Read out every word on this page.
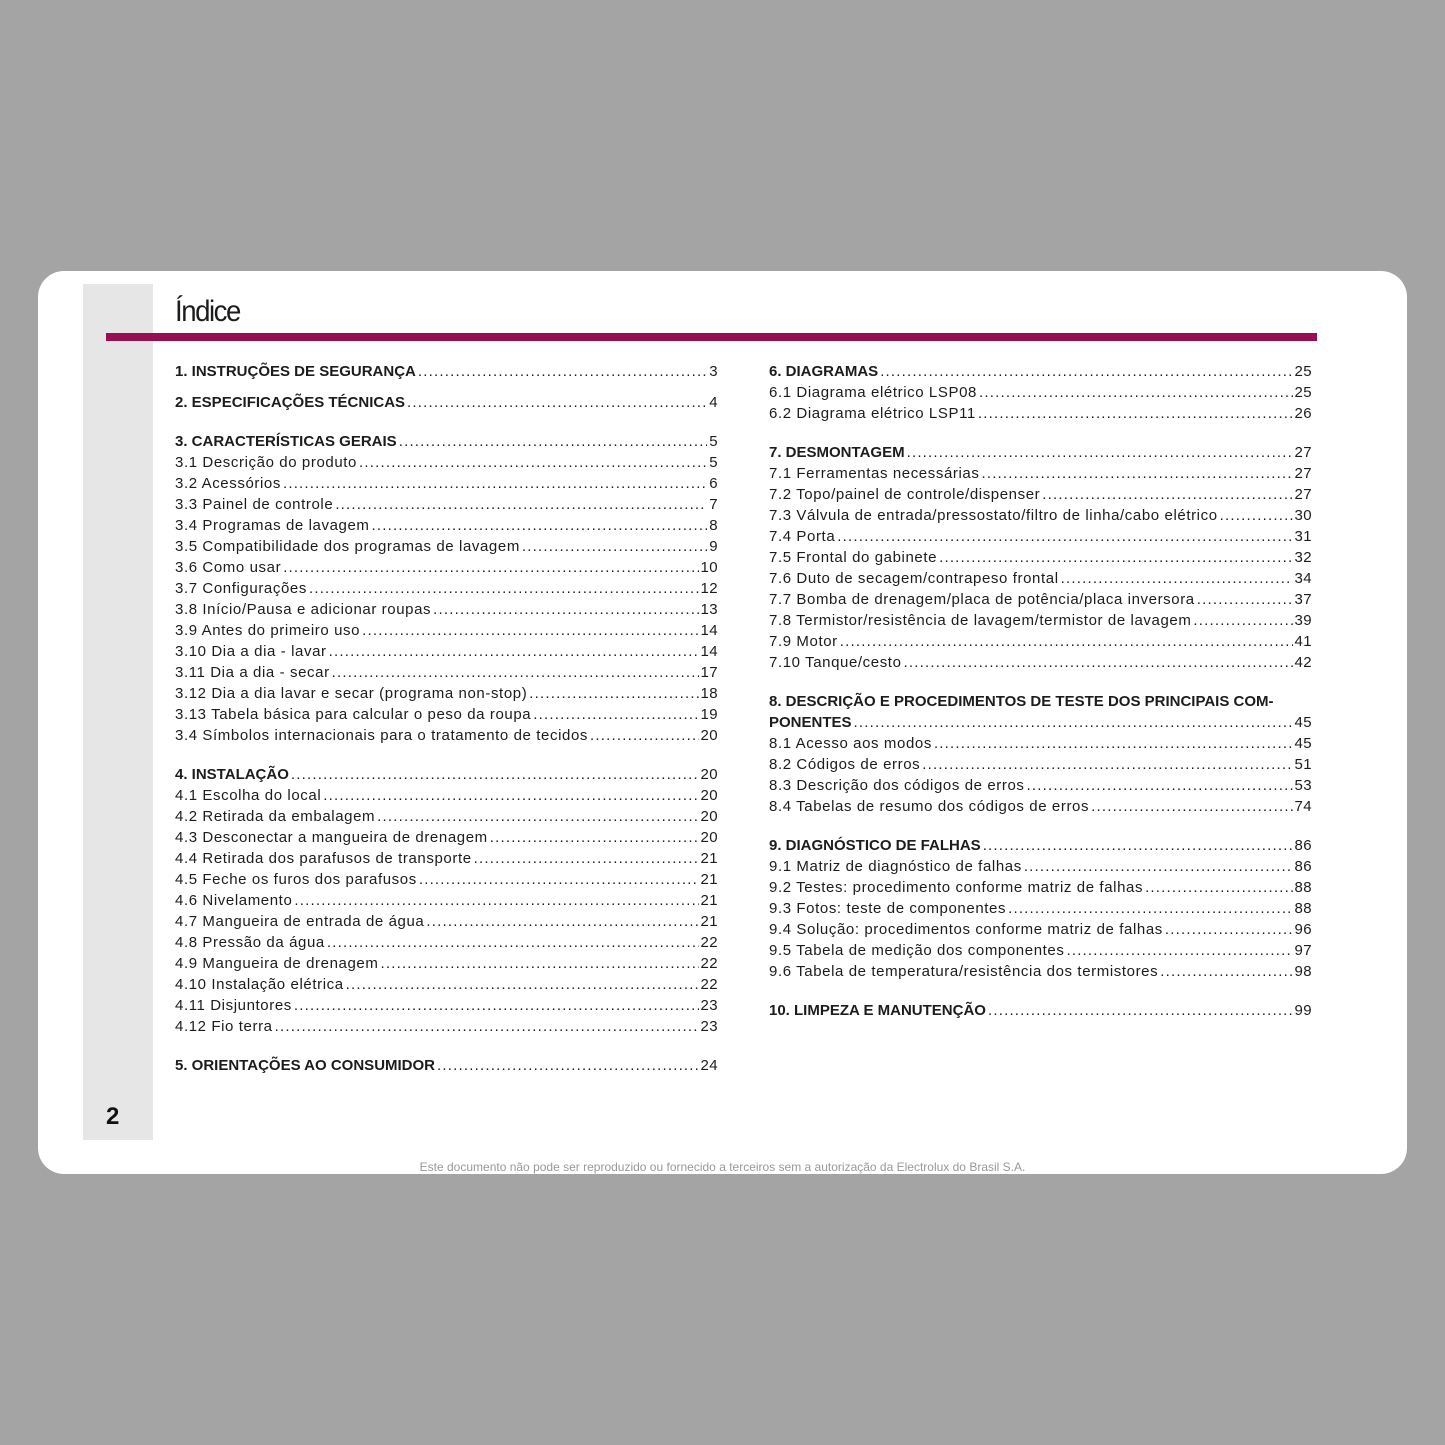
2
Índice
1. INSTRUÇÕES DE SEGURANÇA .....	3
2. ESPECIFICAÇÕES TÉCNICAS .....	4
3. CARACTERÍSTICAS GERAIS .....	5
3.1 Descrição do produto .....	5
3.2 Acessórios .....	6
3.3 Painel de controle .....	7
3.4 Programas de lavagem .....	8
3.5 Compatibilidade dos programas de lavagem .....	9
3.6 Como usar .....	10
3.7 Configurações .....	12
3.8 Início/Pausa e adicionar roupas .....	13
3.9 Antes do primeiro uso .....	14
3.10 Dia a dia - lavar .....	14
3.11 Dia a dia - secar .....	17
3.12 Dia a dia lavar e secar (programa non-stop) .....	18
3.13 Tabela básica para calcular o peso da roupa .....	19
3.4 Símbolos internacionais para o tratamento de tecidos .....	20
4. INSTALAÇÃO .....	20
4.1 Escolha do local .....	20
4.2 Retirada da embalagem .....	20
4.3 Desconectar a mangueira de drenagem .....	20
4.4 Retirada dos parafusos de transporte .....	21
4.5 Feche os furos dos parafusos .....	21
4.6 Nivelamento .....	21
4.7 Mangueira de entrada de água .....	21
4.8 Pressão da água .....	22
4.9 Mangueira de drenagem .....	22
4.10 Instalação elétrica .....	22
4.11 Disjuntores .....	23
4.12 Fio terra .....	23
5. ORIENTAÇÕES AO CONSUMIDOR .....	24
6. DIAGRAMAS .....	25
6.1 Diagrama elétrico LSP08 .....	25
6.2 Diagrama elétrico LSP11 .....	26
7. DESMONTAGEM .....	27
7.1 Ferramentas necessárias .....	27
7.2 Topo/painel de controle/dispenser .....	27
7.3 Válvula de entrada/pressostato/filtro de linha/cabo elétrico .....	30
7.4 Porta .....	31
7.5 Frontal do gabinete .....	32
7.6 Duto de secagem/contrapeso frontal .....	34
7.7 Bomba de drenagem/placa de potência/placa inversora .....	37
7.8 Termistor/resistência de lavagem/termistor de lavagem .....	39
7.9 Motor .....	41
7.10 Tanque/cesto .....	42
8. DESCRIÇÃO E PROCEDIMENTOS DE TESTE DOS PRINCIPAIS COM-
PONENTES .....	45
8.1 Acesso aos modos .....	45
8.2 Códigos de erros .....	51
8.3 Descrição dos códigos de erros .....	53
8.4 Tabelas de resumo dos códigos de erros .....	74
9. DIAGNÓSTICO DE FALHAS .....	86
9.1 Matriz de diagnóstico de falhas .....	86
9.2 Testes: procedimento conforme matriz de falhas .....	88
9.3 Fotos: teste de componentes .....	88
9.4 Solução: procedimentos conforme matriz de falhas .....	96
9.5 Tabela de medição dos componentes .....	97
9.6 Tabela de temperatura/resistência dos termistores .....	98
10. LIMPEZA E MANUTENÇÃO .....	99
Este documento não pode ser reproduzido ou fornecido a terceiros sem a autorização da Electrolux do Brasil S.A.
